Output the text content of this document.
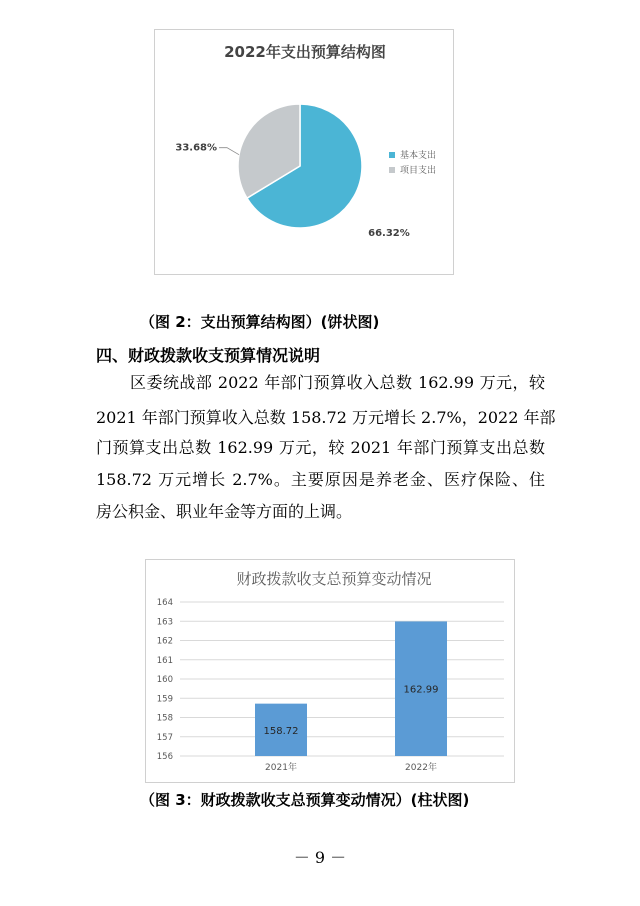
2022年支出预算结构图
66.32%
33.68%
基本支出
项目支出
（图 2：支出预算结构图）(饼状图)
四、财政拨款收支预算情况说明
区委统战部 2022 年部门预算收入总数 162.99 万元，较
2021 年部门预算收入总数 158.72 万元增长 2.7%，2022 年部
门预算支出总数 162.99 万元，较 2021 年部门预算支出总数
158.72 万元增长 2.7%。主要原因是养老金、医疗保险、住
房公积金、职业年金等方面的上调。
财政拨款收支总预算变动情况
156
157
158
159
160
161
162
163
164
158.72
2021年
162.99
2022年
（图 3：财政拨款收支总预算变动情况）(柱状图)
－ 9 －
